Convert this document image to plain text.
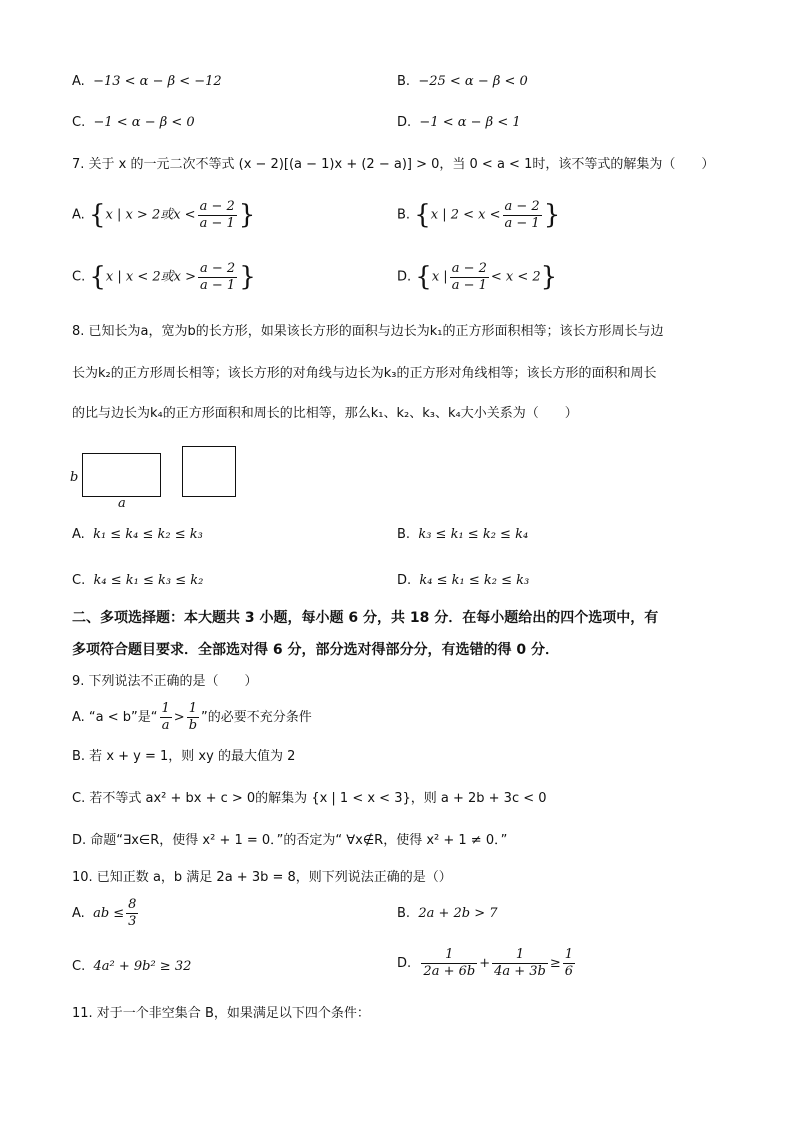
A. −13 < α − β < −12	B. −25 < α − β < 0
C. −1 < α − β < 0	D. −1 < α − β < 1
7. 关于 x 的一元二次不等式 (x − 2)[(a − 1)x + (2 − a)] > 0，当 0 < a < 1时，该不等式的解集为（　　）
A. {x | x > 2或$x < \frac{a - 2}{a - 1}$ }	B. {x | $2 < x < \frac{a - 2}{a - 1}$ }
C. {x | x < 2或$x > \frac{a - 2}{a - 1}$ }	D. {x | $\frac{a - 2}{a - 1} < x < 2$}
8. 已知长为a，宽为b的长方形，如果该长方形的面积与边长为k₁的正方形面积相等；该长方形周长与边
长为k₂的正方形周长相等；该长方形的对角线与边长为k₃的正方形对角线相等；该长方形的面积和周长
的比与边长为k₄的正方形面积和周长的比相等，那么k₁、k₂、k₃、k₄大小关系为（　　）
b
a
A. k₁ ≤ k₄ ≤ k₂ ≤ k₃	B. k₃ ≤ k₁ ≤ k₂ ≤ k₄
C. k₄ ≤ k₁ ≤ k₃ ≤ k₂	D. k₄ ≤ k₁ ≤ k₂ ≤ k₃
二、多项选择题：本大题共 3 小题，每小题 6 分，共 18 分．在每小题给出的四个选项中，有
多项符合题目要求．全部选对得 6 分，部分选对得部分分，有选错的得 0 分．
9. 下列说法不正确的是（　　）
A. “a < b”是“ $\frac{1}{a} > \frac{1}{b}$ ”的必要不充分条件
B. 若 x + y = 1，则 xy 的最大值为 2
C. 若不等式 ax² + bx + c > 0的解集为 {x | 1 < x < 3}，则 a + 2b + 3c < 0
D. 命题“∃x∈R，使得 x² + 1 = 0．”的否定为“ ∀x∉R，使得 x² + 1 ≠ 0．”
10. 已知正数 a，b 满足 2a + 3b = 8，则下列说法正确的是（）
A. ab ≤ $\frac{8}{3}$	B. 2a + 2b > 7
C. 4a² + 9b² ≥ 32	D. $\frac{1}{2a + 6b} + \frac{1}{4a + 3b} \ge \frac{1}{6}$
11. 对于一个非空集合 B，如果满足以下四个条件：
